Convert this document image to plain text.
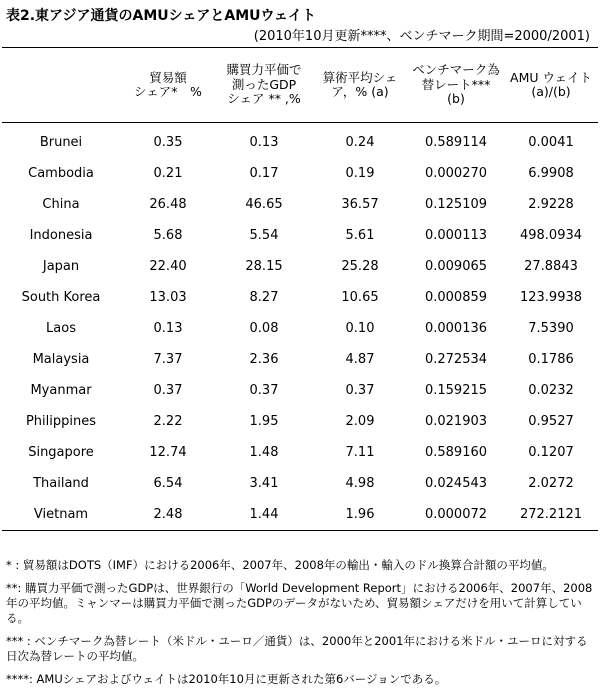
表2.東アジア通貨のAMUシェアとAMUウェイト
(2010年10月更新****、ベンチマーク期間=2000/2001)
	貿易額
シェア*　%	購買力平価で
測ったGDP
シェア ** ,%	算術平均シェ
ア，% (a)	ベンチマーク為
替レート***
(b)	AMU ウェイト
(a)/(b)
Brunei	0.35	0.13	0.24	0.589114	0.0041
Cambodia	0.21	0.17	0.19	0.000270	6.9908
China	26.48	46.65	36.57	0.125109	2.9228
Indonesia	5.68	5.54	5.61	0.000113	498.0934
Japan	22.40	28.15	25.28	0.009065	27.8843
South Korea	13.03	8.27	10.65	0.000859	123.9938
Laos	0.13	0.08	0.10	0.000136	7.5390
Malaysia	7.37	2.36	4.87	0.272534	0.1786
Myanmar	0.37	0.37	0.37	0.159215	0.0232
Philippines	2.22	1.95	2.09	0.021903	0.9527
Singapore	12.74	1.48	7.11	0.589160	0.1207
Thailand	6.54	3.41	4.98	0.024543	2.0272
Vietnam	2.48	1.44	1.96	0.000072	272.2121

* : 貿易額はDOTS（IMF）における2006年、2007年、2008年の輸出・輸入のドル換算合計額の平均値。

**: 購買力平価で測ったGDPは、世界銀行の「World Development Report」における2006年、2007年、2008年の平均値。ミャンマーは購買力平価で測ったGDPのデータがないため、貿易額シェアだけを用いて計算している。

*** : ベンチマーク為替レート（米ドル・ユーロ／通貨）は、2000年と2001年における米ドル・ユーロに対する日次為替レートの平均値。

****: AMUシェアおよびウェイトは2010年10月に更新された第6バージョンである。
